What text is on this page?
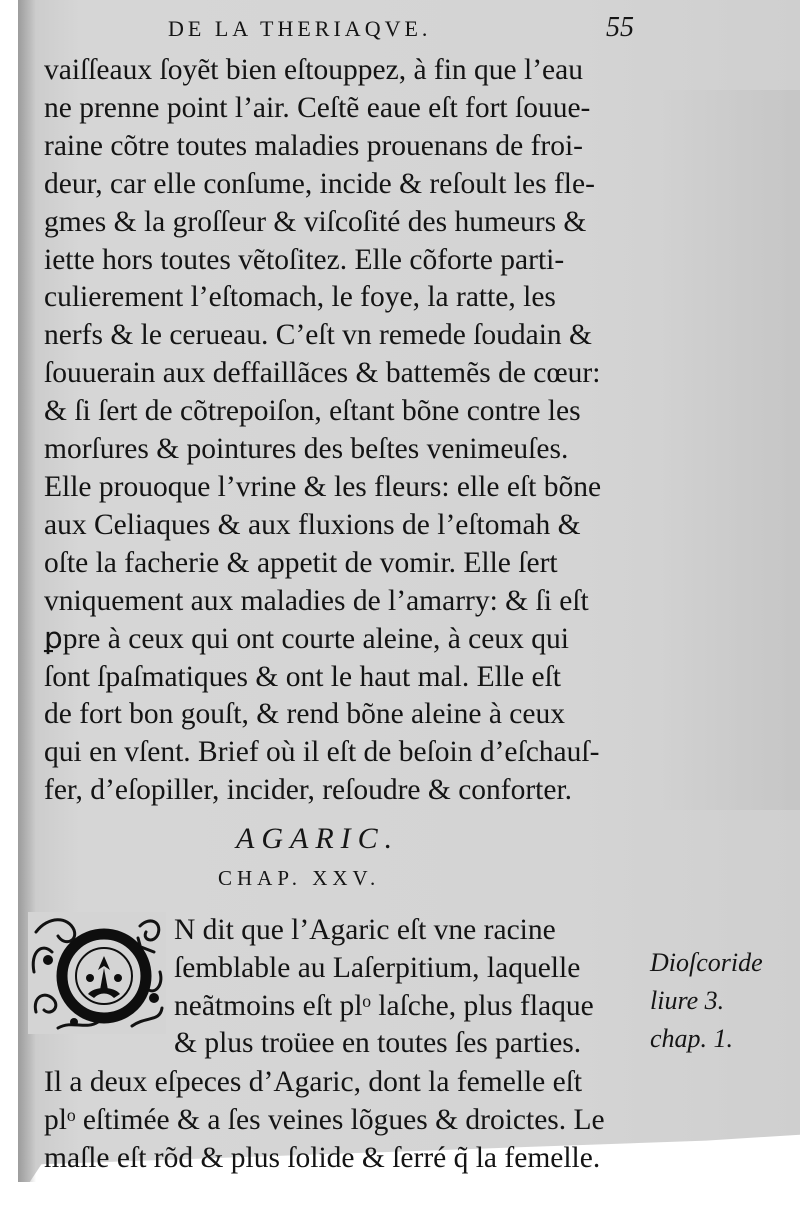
DE LA THERIAQVE.	55
vaiſſeaux ſoyẽt bien eſtouppez, à fin que l’eau
ne prenne point l’air. Ceſtẽ eaue eſt fort ſouue-
raine cõtre toutes maladies prouenans de froi-
deur, car elle conſume, incide & reſoult les fle-
gmes & la groſſeur & viſcoſité des humeurs &
iette hors toutes vẽtoſitez. Elle cõforte parti-
culierement l’eſtomach, le foye, la ratte, les
nerfs & le cerueau. C’eſt vn remede ſoudain &
ſouuerain aux deffaillãces & battemẽs de cœur:
& ſi ſert de cõtrepoiſon, eſtant bõne contre les
morſures & pointures des beſtes venimeuſes.
Elle prouoque l’vrine & les fleurs: elle eſt bõne
aux Celiaques & aux fluxions de l’eſtomah &
oſte la facherie & appetit de vomir. Elle ſert
vniquement aux maladies de l’amarry: & ſi eſt
ꝑpre à ceux qui ont courte aleine, à ceux qui
ſont ſpaſmatiques & ont le haut mal. Elle eſt
de fort bon gouſt, & rend bõne aleine à ceux
qui en vſent. Brief où il eſt de beſoin d’eſchauſ-
fer, d’eſopiller, incider, reſoudre & conforter.
AGARIC.
CHAP. XXV.
N dit que l’Agaric eſt vne racine
ſemblable au Laſerpitium, laquelle
neãtmoins eſt plᵒ laſche, plus flaque
& plus troüee en toutes ſes parties.
Dioſcoride
liure 3.
chap. 1.
Il a deux eſpeces d’Agaric, dont la femelle eſt
plᵒ eſtimée & a ſes veines lõgues & droictes. Le
maſle eſt rõd & plus ſolide & ſerré q̃ la femelle.
